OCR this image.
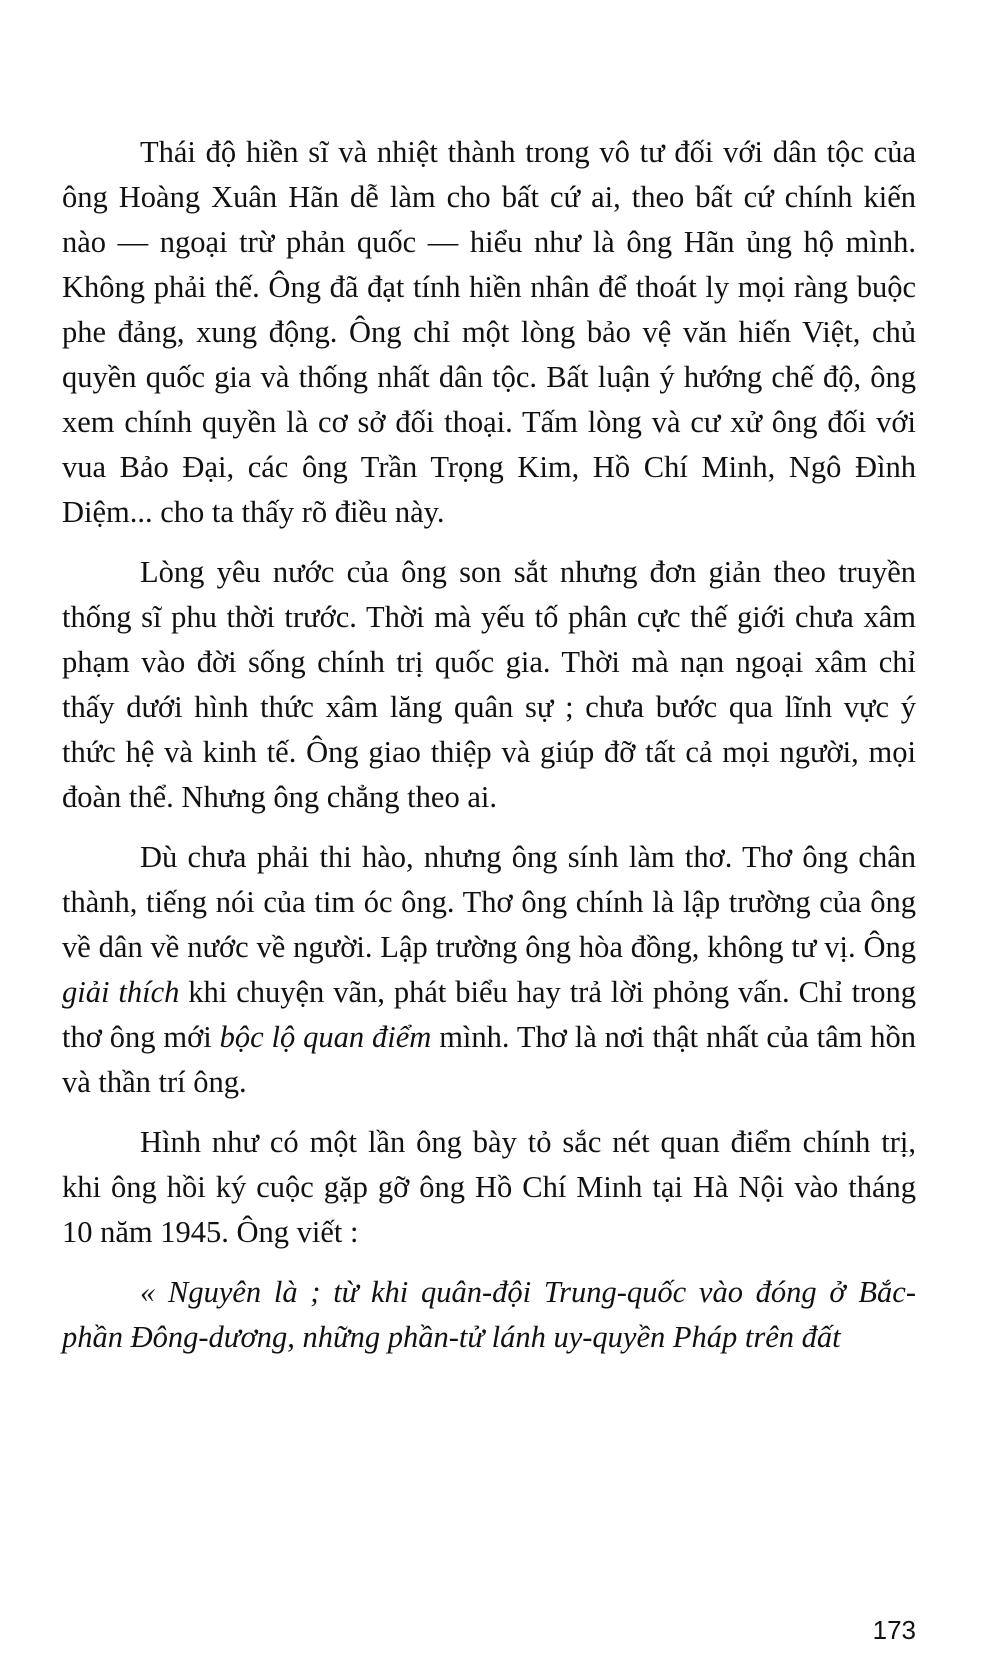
Thái độ hiền sĩ và nhiệt thành trong vô tư đối với dân tộc của ông Hoàng Xuân Hãn dễ làm cho bất cứ ai, theo bất cứ chính kiến nào — ngoại trừ phản quốc — hiểu như là ông Hãn ủng hộ mình. Không phải thế. Ông đã đạt tính hiền nhân để thoát ly mọi ràng buộc phe đảng, xung động. Ông chỉ một lòng bảo vệ văn hiến Việt, chủ quyền quốc gia và thống nhất dân tộc. Bất luận ý hướng chế độ, ông xem chính quyền là cơ sở đối thoại. Tấm lòng và cư xử ông đối với vua Bảo Đại, các ông Trần Trọng Kim, Hồ Chí Minh, Ngô Đình Diệm... cho ta thấy rõ điều này.

Lòng yêu nước của ông son sắt nhưng đơn giản theo truyền thống sĩ phu thời trước. Thời mà yếu tố phân cực thế giới chưa xâm phạm vào đời sống chính trị quốc gia. Thời mà nạn ngoại xâm chỉ thấy dưới hình thức xâm lăng quân sự ; chưa bước qua lĩnh vực ý thức hệ và kinh tế. Ông giao thiệp và giúp đỡ tất cả mọi người, mọi đoàn thể. Nhưng ông chẳng theo ai.

Dù chưa phải thi hào, nhưng ông sính làm thơ. Thơ ông chân thành, tiếng nói của tim óc ông. Thơ ông chính là lập trường của ông về dân về nước về người. Lập trường ông hòa đồng, không tư vị. Ông giải thích khi chuyện vãn, phát biểu hay trả lời phỏng vấn. Chỉ trong thơ ông mới bộc lộ quan điểm mình. Thơ là nơi thật nhất của tâm hồn và thần trí ông.

Hình như có một lần ông bày tỏ sắc nét quan điểm chính trị, khi ông hồi ký cuộc gặp gỡ ông Hồ Chí Minh tại Hà Nội vào tháng 10 năm 1945. Ông viết :

« Nguyên là ; từ khi quân-đội Trung-quốc vào đóng ở Bắc-phần Đông-dương, những phần-tử lánh uy-quyền Pháp trên đất

173
